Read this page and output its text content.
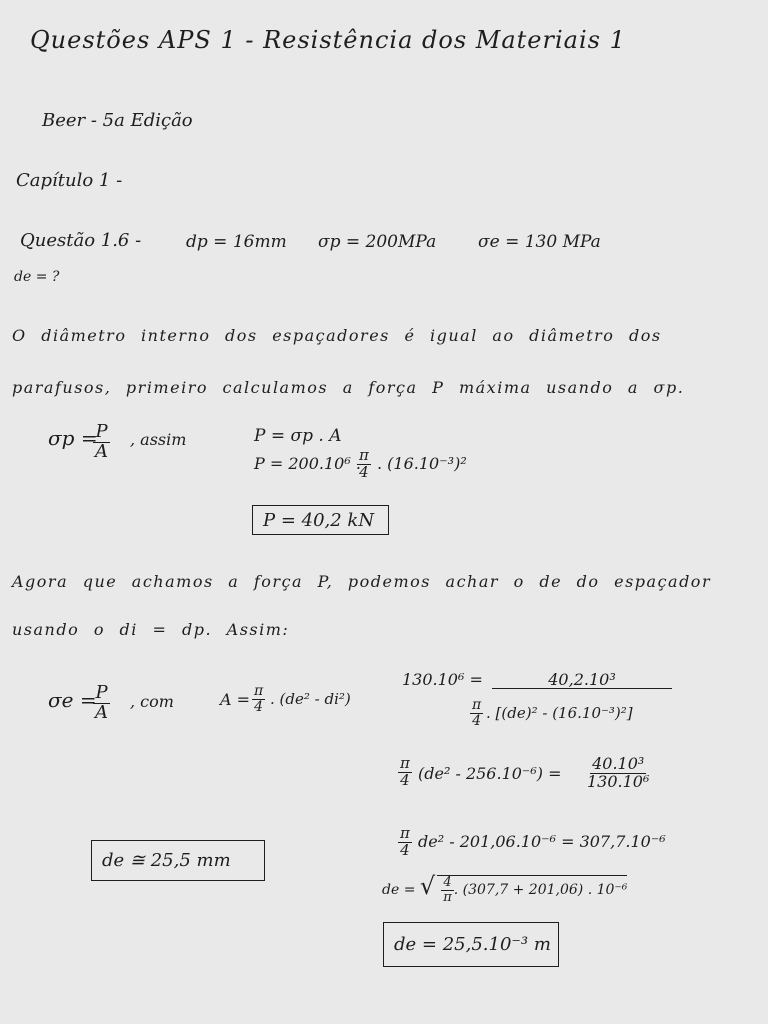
Questões APS 1 - Resistência dos Materiais 1
Beer - 5a Edição
Capítulo 1 -
Questão 1.6 -	dp = 16mm σp = 200MPa σe = 130 MPa
de = ?
O diâmetro interno dos espaçadores é igual ao diâmetro dos
parafusos, primeiro calculamos a força P máxima usando a σp.
σp =
$\frac{P}{A}$ , assim	P = σp . A
P = 200.10⁶ .
$\frac{\pi}{4}$ . (16.10⁻³)²
P = 40,2 kN
Agora que achamos a força P, podemos achar o de do espaçador
usando o di = dp. Assim:
σe =
$\frac{P}{A}$ , com	$A = \frac{\pi}{4}$ . (de² - di²)
130.10⁶ =	40,2.10³
$\frac{\pi}{4}$ . [(de)² - (16.10⁻³)²]
$\frac{\pi}{4} (de^2 - 256.10^{-6}) = \frac{\text{40.10³}}{\text{130.10⁶}}$
$\frac{\pi}{4} de^2 - 201,06.10^{-6} = 307,7.10^{-6}$
de = √ $\frac{4}{\pi}$ . (307,7 + 201,06) . 10⁻⁶
de ≅ 25,5 mm
de = 25,5.10⁻³ m
